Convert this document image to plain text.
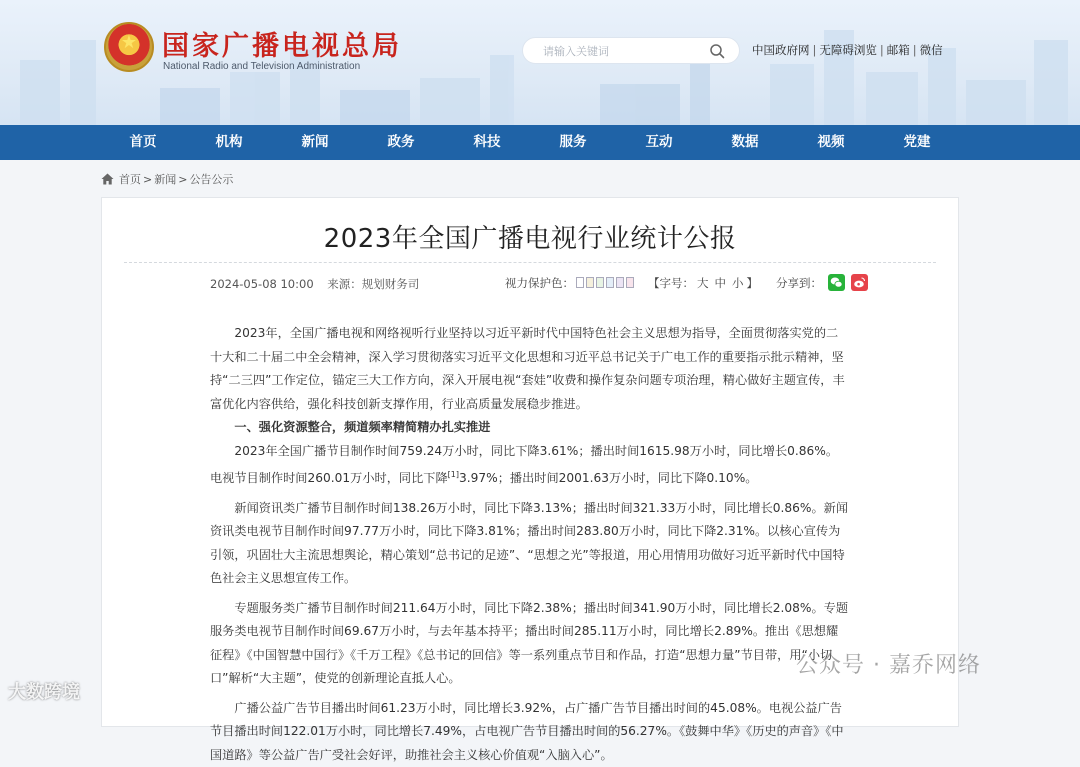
★ 国家广播电视总局
National Radio and Television Administration
请输入关键词
中国政府网 | 无障碍浏览 | 邮箱 | 微信
首页	机构	新闻	政务	科技	服务	互动	数据	视频	党建
首页 > 新闻 > 公告公示
2023年全国广播电视行业统计公报
2024-05-08 10:00 来源：规划财务司	视力保护色：	【字号： 大 中 小 】 分享到：

2023年，全国广播电视和网络视听行业坚持以习近平新时代中国特色社会主义思想为指导，全面贯彻落实党的二十大和二十届二中全会精神，深入学习贯彻落实习近平文化思想和习近平总书记关于广电工作的重要指示批示精神，坚持“二三四”工作定位，锚定三大工作方向，深入开展电视“套娃”收费和操作复杂问题专项治理，精心做好主题宣传，丰富优化内容供给，强化科技创新支撑作用，行业高质量发展稳步推进。

一、强化资源整合，频道频率精简精办扎实推进

2023年全国广播节目制作时间759.24万小时，同比下降3.61%；播出时间1615.98万小时，同比增长0.86%。电视节目制作时间260.01万小时，同比下降[1]3.97%；播出时间2001.63万小时，同比下降0.10%。

新闻资讯类广播节目制作时间138.26万小时，同比下降3.13%；播出时间321.33万小时，同比增长0.86%。新闻资讯类电视节目制作时间97.77万小时，同比下降3.81%；播出时间283.80万小时，同比下降2.31%。以核心宣传为引领，巩固壮大主流思想舆论，精心策划“总书记的足迹”、“思想之光”等报道，用心用情用功做好习近平新时代中国特色社会主义思想宣传工作。

专题服务类广播节目制作时间211.64万小时，同比下降2.38%；播出时间341.90万小时，同比增长2.08%。专题服务类电视节目制作时间69.67万小时，与去年基本持平；播出时间285.11万小时，同比增长2.89%。推出《思想耀征程》《中国智慧中国行》《千万工程》《总书记的回信》等一系列重点节目和作品，打造“思想力量”节目带，用“小切口”解析“大主题”，使党的创新理论直抵人心。

广播公益广告节目播出时间61.23万小时，同比增长3.92%，占广播广告节目播出时间的45.08%。电视公益广告节目播出时间122.01万小时，同比增长7.49%，占电视广告节目播出时间的56.27%。《鼓舞中华》《历史的声音》《中国道路》等公益广告广受社会好评，助推社会主义核心价值观“入脑入心”。

公众号 · 嘉乔网络
大数跨境
